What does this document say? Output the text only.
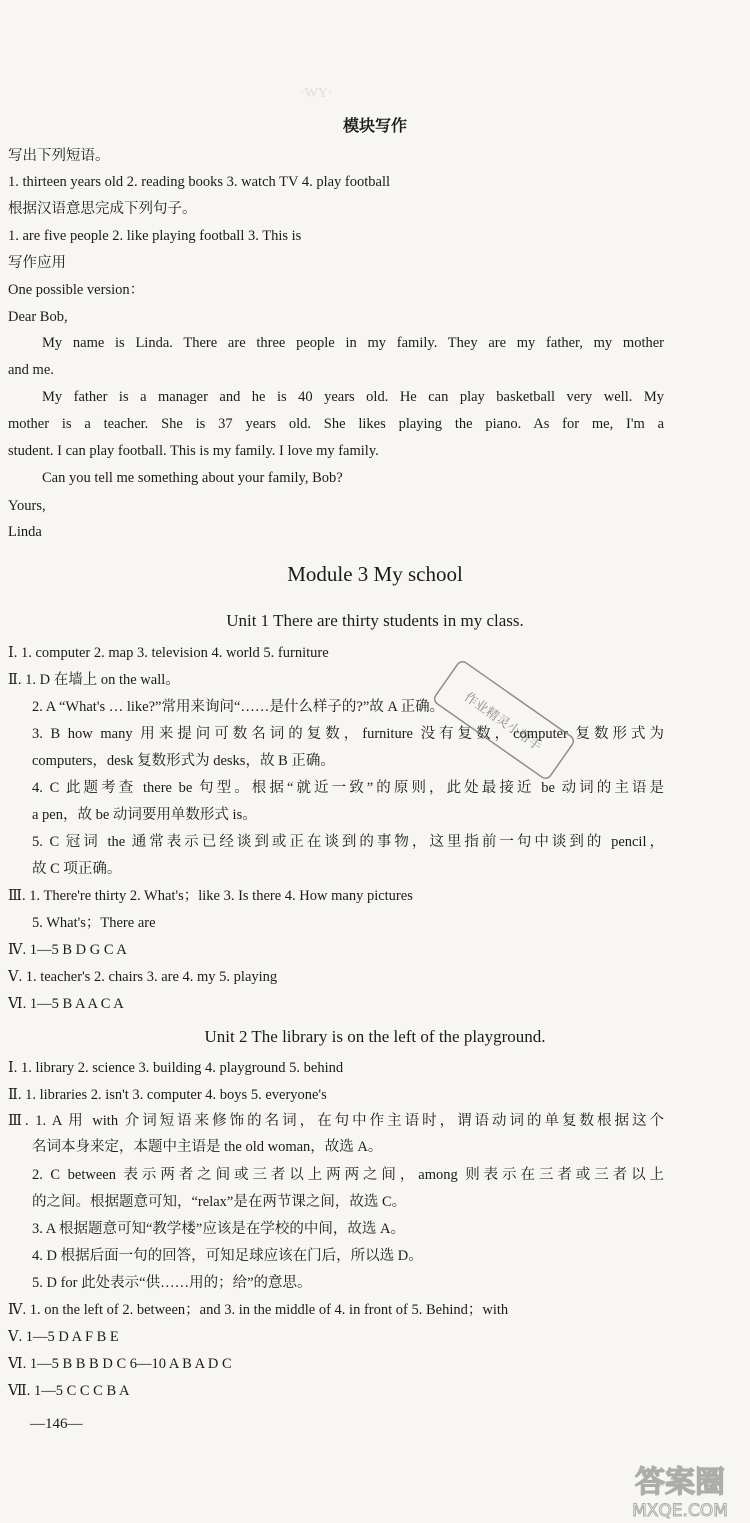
·WY·
模块写作
写出下列短语。
1. thirteen years old 2. reading books 3. watch TV 4. play football
根据汉语意思完成下列句子。
1. are five people 2. like playing football 3. This is
写作应用
One possible version：
Dear Bob,
My name is Linda. There are three people in my family. They are my father, my mother
and me.
My father is a manager and he is 40 years old. He can play basketball very well. My
mother is a teacher. She is 37 years old. She likes playing the piano. As for me, I'm a
student. I can play football. This is my family. I love my family.
Can you tell me something about your family, Bob?
Yours,
Linda
Module 3 My school
Unit 1 There are thirty students in my class.
Ⅰ. 1. computer 2. map 3. television 4. world 5. furniture
Ⅱ. 1. D 在墙上 on the wall。
2. A “What's … like?”常用来询问“……是什么样子的?”故 A 正确。
3. B how many 用来提问可数名词的复数，furniture 没有复数，computer 复数形式为
computers，desk 复数形式为 desks，故 B 正确。
4. C 此题考查 there be 句型。根据“就近一致”的原则，此处最接近 be 动词的主语是
a pen，故 be 动词要用单数形式 is。
5. C 冠词 the 通常表示已经谈到或正在谈到的事物，这里指前一句中谈到的 pencil，
故 C 项正确。
Ⅲ. 1. There're thirty 2. What's；like 3. Is there 4. How many pictures
5. What's；There are
Ⅳ. 1—5 B D G C A
Ⅴ. 1. teacher's 2. chairs 3. are 4. my 5. playing
Ⅵ. 1—5 B A A C A
Unit 2 The library is on the left of the playground.
Ⅰ. 1. library 2. science 3. building 4. playground 5. behind
Ⅱ. 1. libraries 2. isn't 3. computer 4. boys 5. everyone's
Ⅲ. 1. A 用 with 介词短语来修饰的名词，在句中作主语时，谓语动词的单复数根据这个
名词本身来定，本题中主语是 the old woman，故选 A。
2. C between 表示两者之间或三者以上两两之间，among 则表示在三者或三者以上
的之间。根据题意可知，“relax”是在两节课之间，故选 C。
3. A 根据题意可知“教学楼”应该是在学校的中间，故选 A。
4. D 根据后面一句的回答，可知足球应该在门后，所以选 D。
5. D for 此处表示“供……用的；给”的意思。
Ⅳ. 1. on the left of 2. between；and 3. in the middle of 4. in front of 5. Behind；with
Ⅴ. 1—5 D A F B E
Ⅵ. 1—5 B B B D C 6—10 A B A D C
Ⅶ. 1—5 C C C B A
—146—
作业精灵小帮手
答案圈
MXQE.COM
